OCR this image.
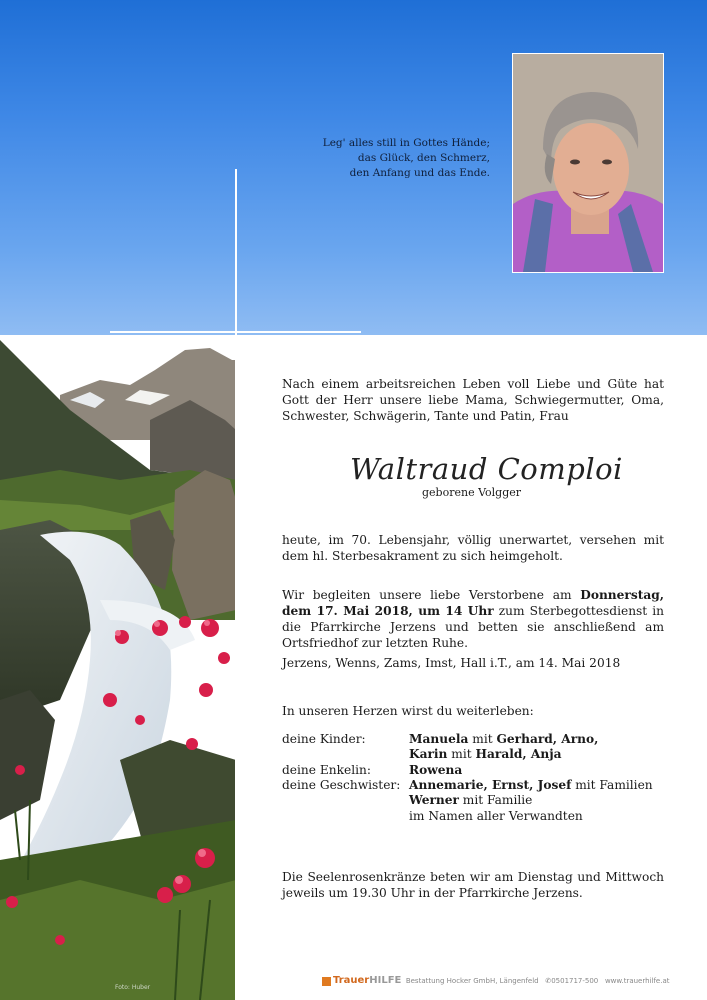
Leg' alles still in Gottes Hände;
das Glück, den Schmerz,
den Anfang und das Ende.
Nach einem arbeitsreichen Leben voll Liebe und Güte hat Gott der Herr unsere liebe Mama, Schwiegermutter, Oma, Schwester, Schwägerin, Tante und Patin, Frau
Waltraud Comploi
geborene Volgger
heute, im 70. Lebensjahr, völlig unerwartet, versehen mit dem hl. Sterbesakrament zu sich heimgeholt.
Wir begleiten unsere liebe Verstorbene am Donnerstag, dem 17. Mai 2018, um 14 Uhr zum Sterbegottesdienst in die Pfarrkirche Jerzens und betten sie anschließend am Ortsfriedhof zur letzten Ruhe.
Jerzens, Wenns, Zams, Imst, Hall i.T., am 14. Mai 2018
In unseren Herzen wirst du weiterleben:
deine Kinder:	Manuela mit Gerhard, Arno,
Karin mit Harald, Anja
deine Enkelin:	Rowena
deine Geschwister: Annemarie, Ernst, Josef mit Familien
Werner mit Familie
im Namen aller Verwandten
Die Seelenrosenkränze beten wir am Dienstag und Mittwoch jeweils um 19.30 Uhr in der Pfarrkirche Jerzens.
TrauerHILFE Bestattung Hocker GmbH, Längenfeld ✆0501717-500 www.trauerhilfe.at
Foto: Huber
